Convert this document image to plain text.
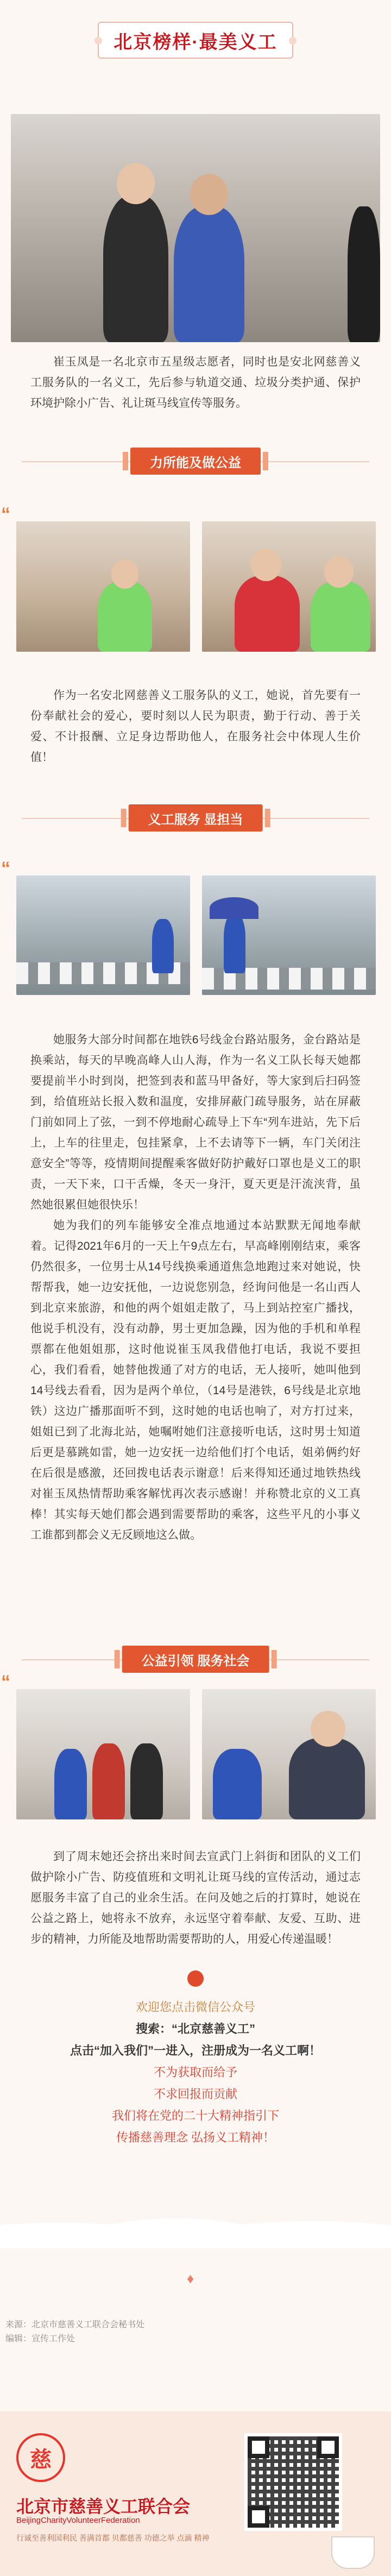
北京榜样·最美义工

崔玉凤是一名北京市五星级志愿者，同时也是安北网慈善义工服务队的一名义工，先后参与轨道交通、垃圾分类护通、保护环境护除小广告、礼让斑马线宣传等服务。

力所能及做公益
“

作为一名安北网慈善义工服务队的义工，她说，首先要有一份奉献社会的爱心，要时刻以人民为职责，勤于行动、善于关爱、不计报酬、立足身边帮助他人，在服务社会中体现人生价值！

义工服务 显担当
“

她服务大部分时间都在地铁6号线金台路站服务，金台路站是换乘站，每天的早晚高峰人山人海，作为一名义工队长每天她都要提前半小时到岗，把签到表和蓝马甲备好，等大家到后扫码签到，给值班站长报入数和温度，安排屏蔽门疏导服务，站在屏蔽门前如同上了弦，一到不停地耐心疏导上下车“列车进站，先下后上，上车的往里走，包挂紧拿，上不去请等下一辆，车门关闭注意安全”等等，疫情期间提醒乘客做好防护戴好口罩也是义工的职责，一天下来，口干舌燥，冬天一身汗，夏天更是汗流浃背，虽然她很累但她很快乐！

她为我们的列车能够安全准点地通过本站默默无闻地奉献着。记得2021年6月的一天上午9点左右，早高峰刚刚结束，乘客仍然很多，一位男士从14号线换乘通道焦急地跑过来对她说，快帮帮我，她一边安抚他，一边说您别急，经询问他是一名山西人到北京来旅游，和他的两个姐姐走散了，马上到站控室广播找，他说手机没有，没有动静，男士更加急躁，因为他的手机和单程票都在他姐姐那，这时他说崔玉凤我借他打电话，我说不要担心，我们看看，她替他拨通了对方的电话，无人接听，她叫他到14号线去看看，因为是两个单位，（14号是港铁，6号线是北京地铁）这边广播那面听不到，这时她的电话也响了，对方打过来，姐姐已到了北海北站，她嘱咐她们注意接听电话，这时男士知道后更是慕跳如雷，她一边安抚一边给他们打个电话，姐弟俩约好在后很是感激，还回拨电话表示谢意！后来得知还通过地铁热线对崔玉凤热情帮助乘客解忧再次表示感谢！并称赞北京的义工真棒！其实每天她们都会遇到需要帮助的乘客，这些平凡的小事义工谁都到都会义无反顾地这么做。

公益引领 服务社会
“

到了周末她还会挤出来时间去宣武门上斜街和团队的义工们做护除小广告、防疫值班和文明礼让斑马线的宣传活动，通过志愿服务丰富了自己的业余生活。在问及她之后的打算时，她说在公益之路上，她将永不放弃，永远坚守着奉献、友爱、互助、进步的精神，力所能及地帮助需要帮助的人，用爱心传递温暖！

欢迎您点击微信公众号
搜索：“北京慈善义工”
点击“加入我们”一进入，注册成为一名义工啊！
不为获取而给予
不求回报而贡献
我们将在党的二十大精神指引下
传播慈善理念 弘扬义工精神！
♦
来源：北京市慈善义工联合会秘书处
编辑：宣传工作处
慈
北京市慈善义工联合会
BeijingCharityVolunteerFederation
行诚至善利国利民 善满首都 贝都慈善 功德之举 点滴 精神
